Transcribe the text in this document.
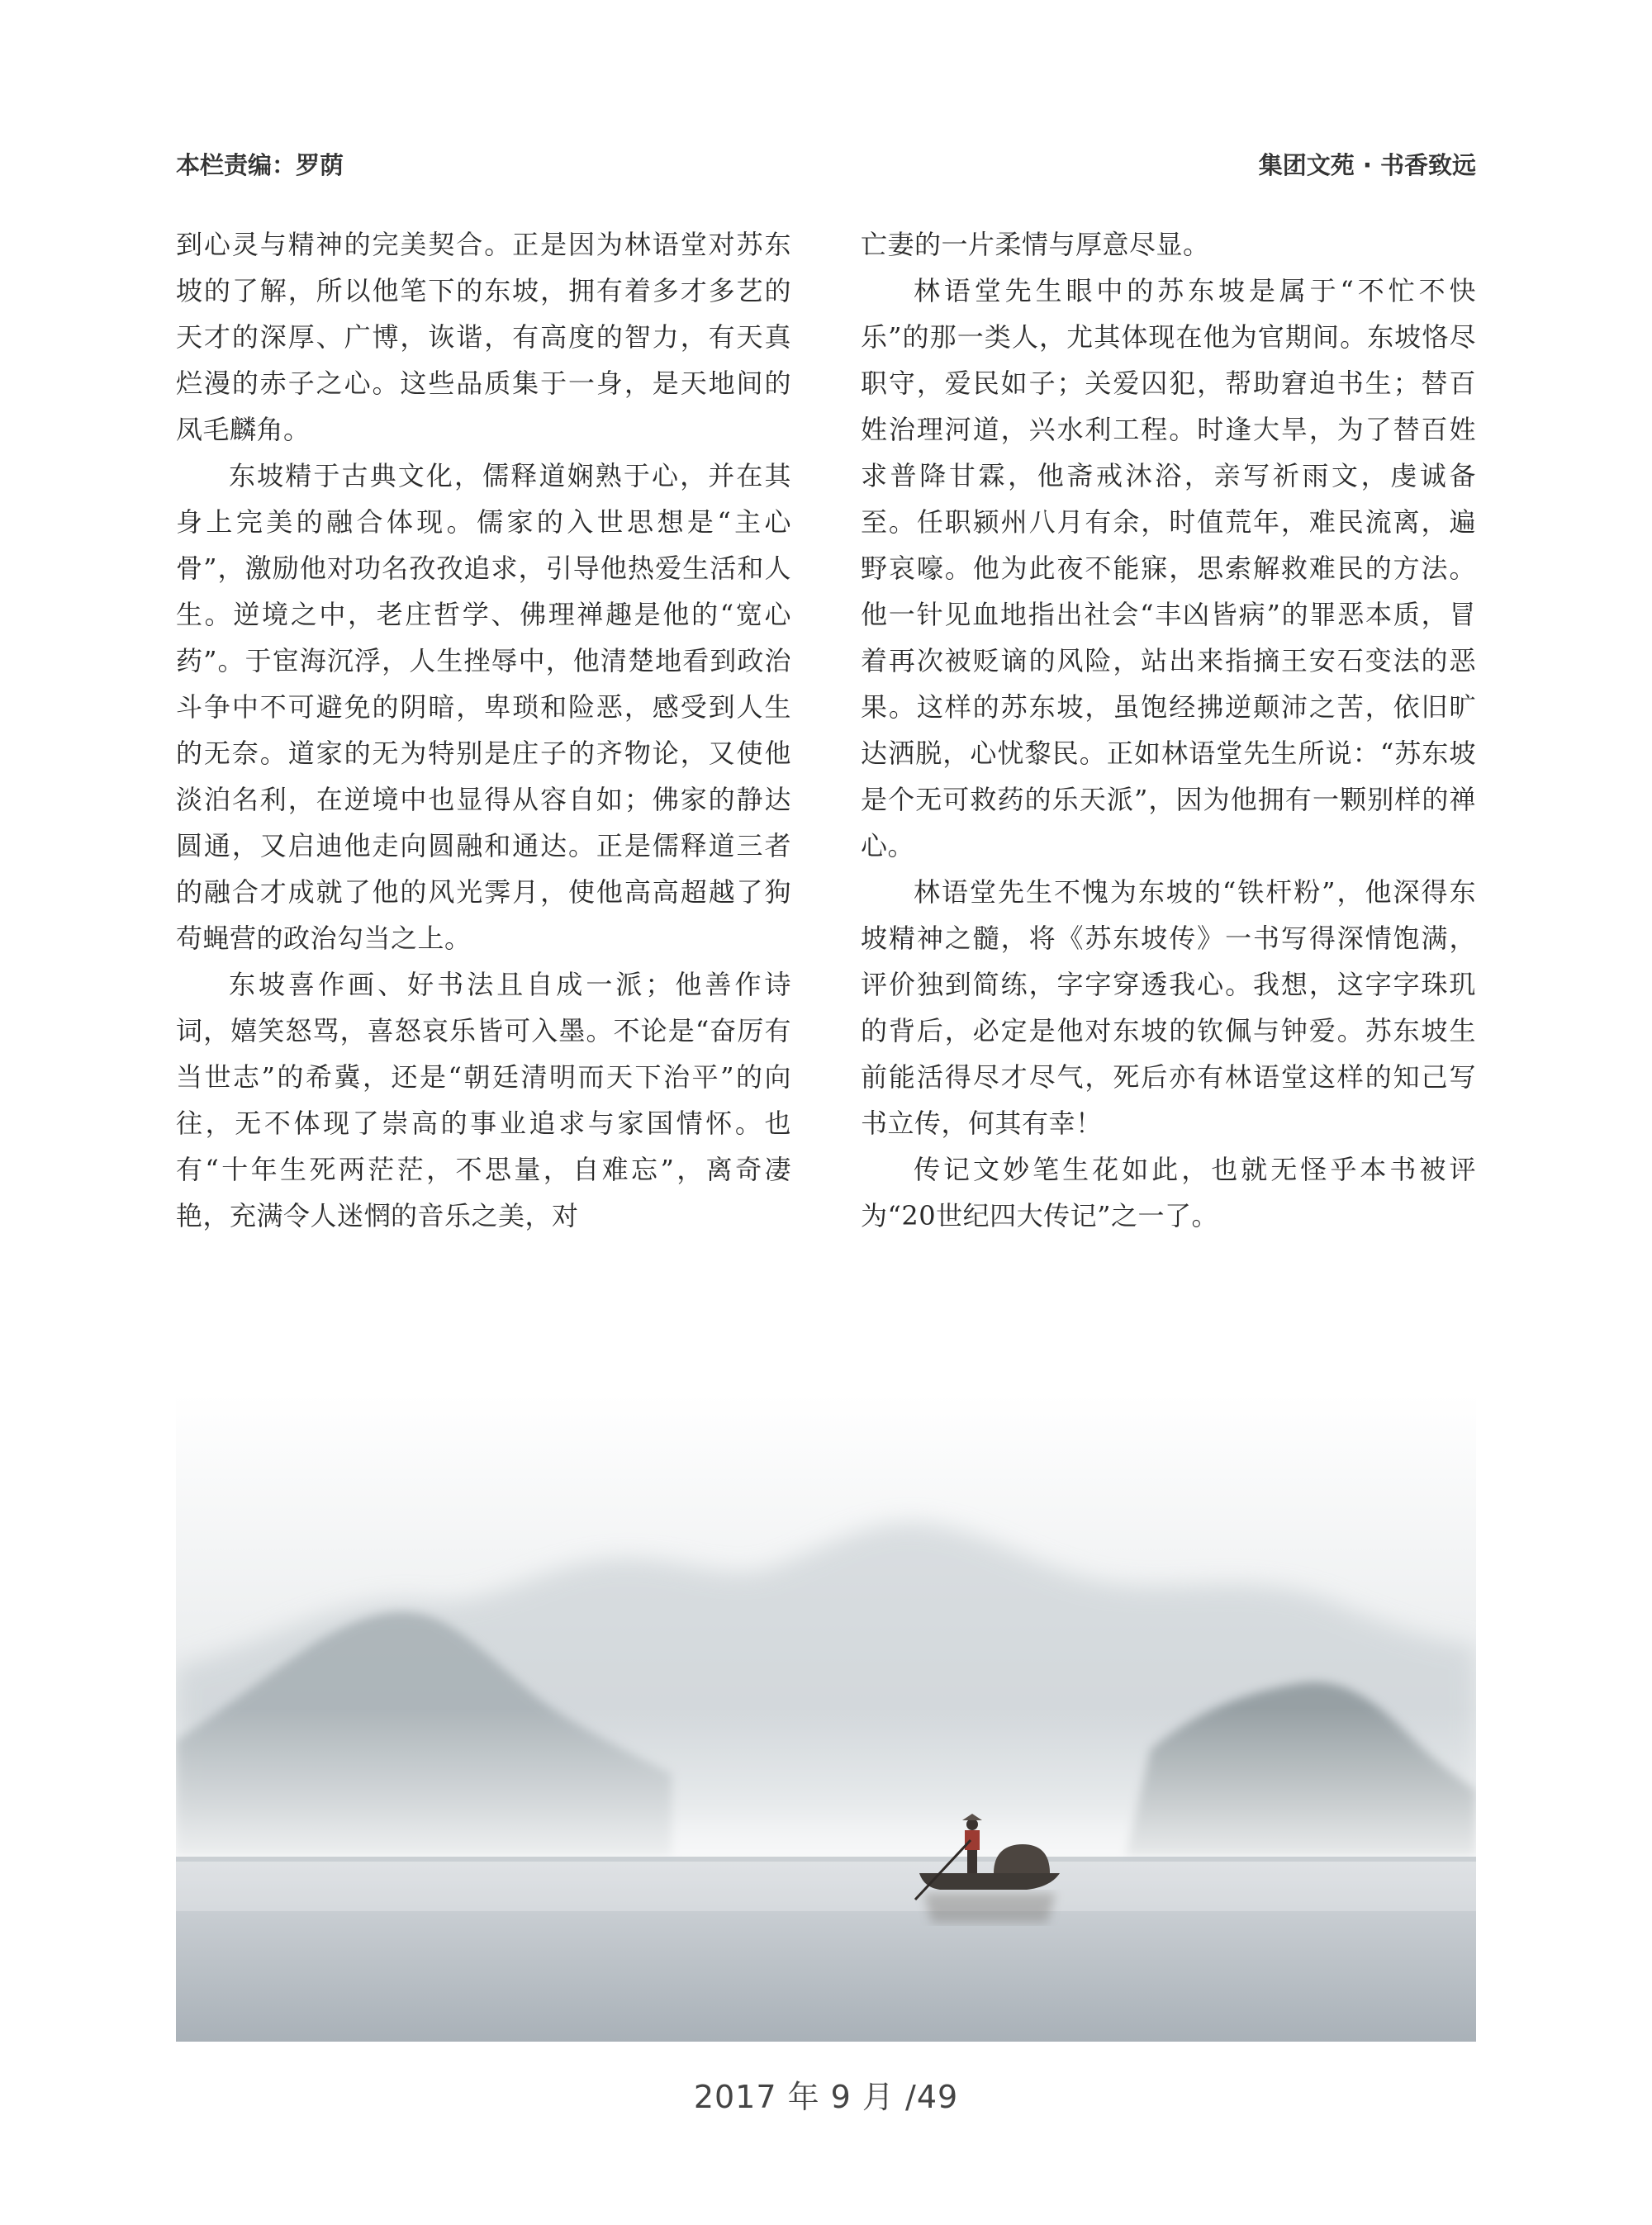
本栏责编：罗荫	集团文苑 · 书香致远

到心灵与精神的完美契合。正是因为林语堂对苏东坡的了解，所以他笔下的东坡，拥有着多才多艺的天才的深厚、广博，诙谐，有高度的智力，有天真烂漫的赤子之心。这些品质集于一身，是天地间的凤毛麟角。

东坡精于古典文化，儒释道娴熟于心，并在其身上完美的融合体现。儒家的入世思想是“主心骨”，激励他对功名孜孜追求，引导他热爱生活和人生。逆境之中，老庄哲学、佛理禅趣是他的“宽心药”。于宦海沉浮，人生挫辱中，他清楚地看到政治斗争中不可避免的阴暗，卑琐和险恶，感受到人生的无奈。道家的无为特别是庄子的齐物论，又使他淡泊名利，在逆境中也显得从容自如；佛家的静达圆通，又启迪他走向圆融和通达。正是儒释道三者的融合才成就了他的风光霁月，使他高高超越了狗苟蝇营的政治勾当之上。

东坡喜作画、好书法且自成一派；他善作诗词，嬉笑怒骂，喜怒哀乐皆可入墨。不论是“奋厉有当世志”的希冀，还是“朝廷清明而天下治平”的向往，无不体现了崇高的事业追求与家国情怀。也有“十年生死两茫茫，不思量，自难忘”，离奇凄艳，充满令人迷惘的音乐之美，对

亡妻的一片柔情与厚意尽显。

林语堂先生眼中的苏东坡是属于“不忙不快乐”的那一类人，尤其体现在他为官期间。东坡恪尽职守，爱民如子；关爱囚犯，帮助窘迫书生；替百姓治理河道，兴水利工程。时逢大旱，为了替百姓求普降甘霖，他斋戒沐浴，亲写祈雨文，虔诚备至。任职颍州八月有余，时值荒年，难民流离，遍野哀嚎。他为此夜不能寐，思索解救难民的方法。他一针见血地指出社会“丰凶皆病”的罪恶本质，冒着再次被贬谪的风险，站出来指摘王安石变法的恶果。这样的苏东坡，虽饱经拂逆颠沛之苦，依旧旷达洒脱，心忧黎民。正如林语堂先生所说：“苏东坡是个无可救药的乐天派”，因为他拥有一颗别样的禅心。

林语堂先生不愧为东坡的“铁杆粉”，他深得东坡精神之髓，将《苏东坡传》一书写得深情饱满，评价独到简练，字字穿透我心。我想，这字字珠玑的背后，必定是他对东坡的钦佩与钟爱。苏东坡生前能活得尽才尽气，死后亦有林语堂这样的知己写书立传，何其有幸！

传记文妙笔生花如此，也就无怪乎本书被评为“20世纪四大传记”之一了。

2017 年 9 月 /49
